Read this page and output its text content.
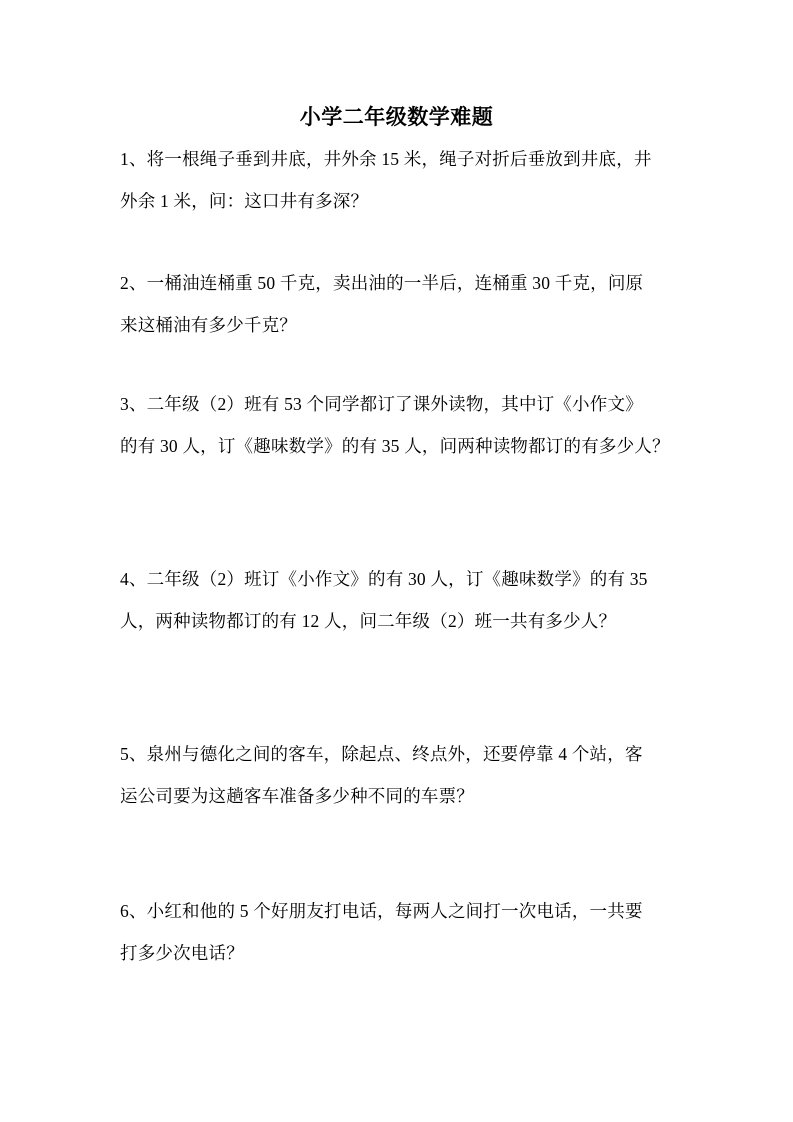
小学二年级数学难题
1、将一根绳子垂到井底，井外余 15 米，绳子对折后垂放到井底，井
外余 1 米，问：这口井有多深？
2、一桶油连桶重 50 千克，卖出油的一半后，连桶重 30 千克，问原
来这桶油有多少千克？
3、二年级（2）班有 53 个同学都订了课外读物，其中订《小作文》
的有 30 人，订《趣味数学》的有 35 人，问两种读物都订的有多少人？
4、二年级（2）班订《小作文》的有 30 人，订《趣味数学》的有 35
人，两种读物都订的有 12 人，问二年级（2）班一共有多少人？
5、泉州与德化之间的客车，除起点、终点外，还要停靠 4 个站，客
运公司要为这趟客车准备多少种不同的车票？
6、小红和他的 5 个好朋友打电话，每两人之间打一次电话，一共要
打多少次电话？
